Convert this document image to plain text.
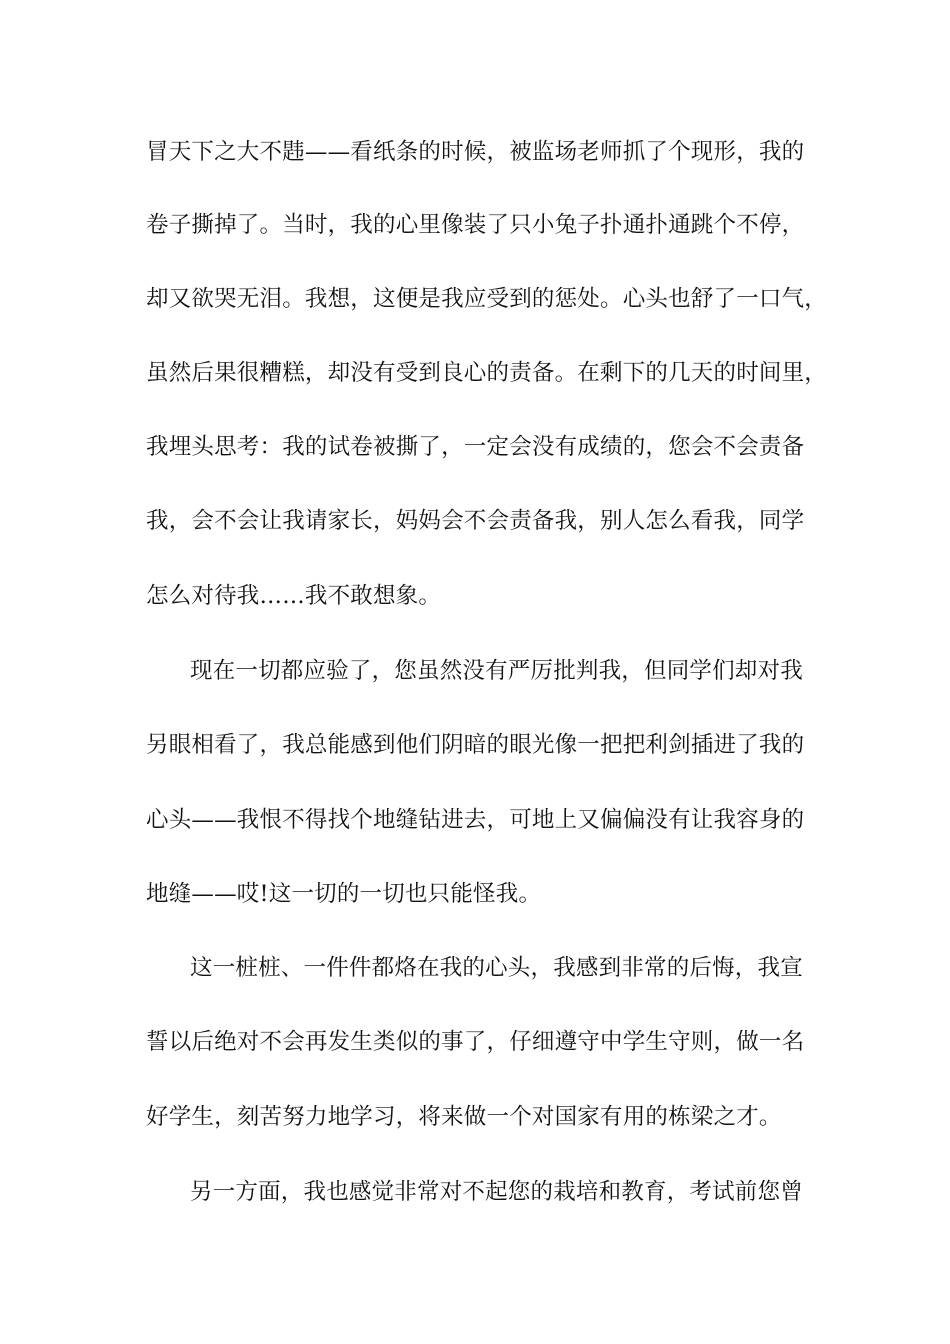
冒天下之大不韪——看纸条的时候，被监场老师抓了个现形，我的
卷子撕掉了。当时，我的心里像装了只小兔子扑通扑通跳个不停，
却又欲哭无泪。我想，这便是我应受到的惩处。心头也舒了一口气，
虽然后果很糟糕，却没有受到良心的责备。在剩下的几天的时间里，
我埋头思考：我的试卷被撕了，一定会没有成绩的，您会不会责备
我，会不会让我请家长，妈妈会不会责备我，别人怎么看我，同学
怎么对待我……我不敢想象。
现在一切都应验了，您虽然没有严厉批判我，但同学们却对我
另眼相看了，我总能感到他们阴暗的眼光像一把把利剑插进了我的
心头——我恨不得找个地缝钻进去，可地上又偏偏没有让我容身的
地缝——哎!这一切的一切也只能怪我。
这一桩桩、一件件都烙在我的心头，我感到非常的后悔，我宣
誓以后绝对不会再发生类似的事了，仔细遵守中学生守则，做一名
好学生，刻苦努力地学习，将来做一个对国家有用的栋梁之才。
另一方面，我也感觉非常对不起您的栽培和教育，考试前您曾
